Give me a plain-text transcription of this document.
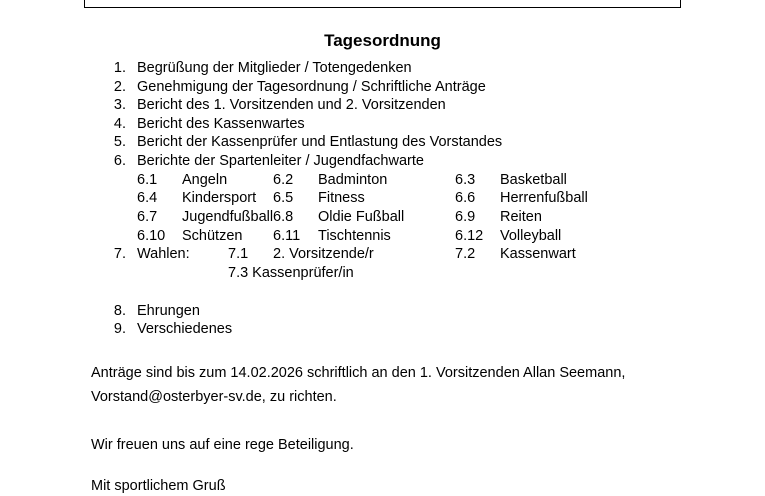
Tagesordnung
1. Begrüßung der Mitglieder / Totengedenken
2. Genehmigung der Tagesordnung / Schriftliche Anträge
3. Bericht des 1. Vorsitzenden und 2. Vorsitzenden
4. Bericht des Kassenwartes
5. Bericht der Kassenprüfer und Entlastung des Vorstandes
6. Berichte der Spartenleiter / Jugendfachwarte
6.1 Angeln	6.2 Badminton	6.3 Basketball
6.4 Kindersport 6.5 Fitness	6.6 Herrenfußball
6.7 Jugendfußball 6.8 Oldie Fußball	6.9 Reiten
6.10 Schützen 6.11 Tischtennis	6.12 Volleyball
7. Wahlen:	7.1 2. Vorsitzende/r	7.2 Kassenwart
7.3 Kassenprüfer/in
8. Ehrungen
9. Verschiedenes
Anträge sind bis zum 14.02.2026 schriftlich an den 1. Vorsitzenden Allan Seemann,
Vorstand@osterbyer-sv.de, zu richten.
Wir freuen uns auf eine rege Beteiligung.
Mit sportlichem Gruß
